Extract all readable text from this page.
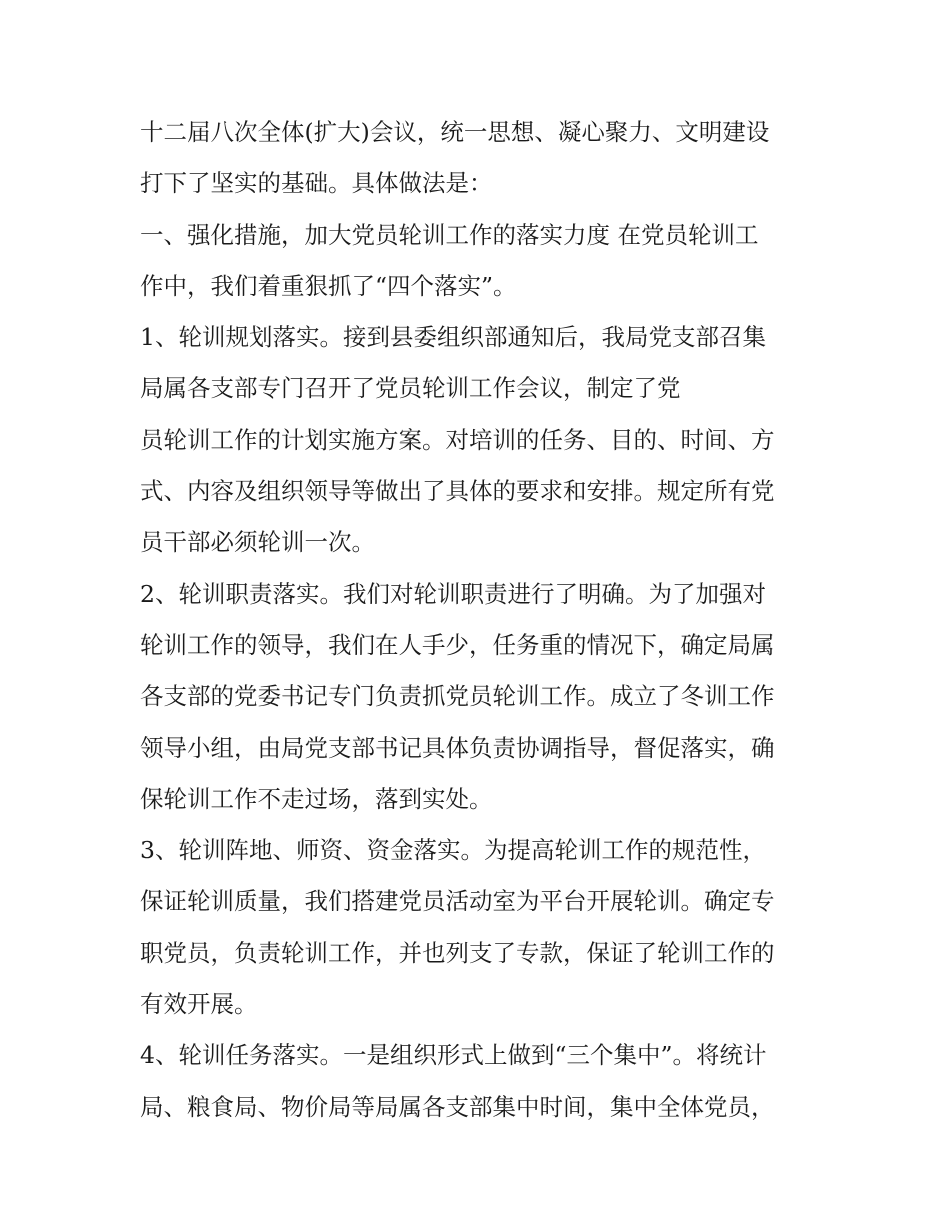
十二届八次全体(扩大)会议，统一思想、凝心聚力、文明建设
打下了坚实的基础。具体做法是：
一、强化措施，加大党员轮训工作的落实力度 在党员轮训工
作中，我们着重狠抓了“四个落实”。
1、轮训规划落实。接到县委组织部通知后，我局党支部召集
局属各支部专门召开了党员轮训工作会议，制定了党
员轮训工作的计划实施方案。对培训的任务、目的、时间、方
式、内容及组织领导等做出了具体的要求和安排。规定所有党
员干部必须轮训一次。
2、轮训职责落实。我们对轮训职责进行了明确。为了加强对
轮训工作的领导，我们在人手少，任务重的情况下，确定局属
各支部的党委书记专门负责抓党员轮训工作。成立了冬训工作
领导小组，由局党支部书记具体负责协调指导，督促落实，确
保轮训工作不走过场，落到实处。
3、轮训阵地、师资、资金落实。为提高轮训工作的规范性，
保证轮训质量，我们搭建党员活动室为平台开展轮训。确定专
职党员，负责轮训工作，并也列支了专款，保证了轮训工作的
有效开展。
4、轮训任务落实。一是组织形式上做到“三个集中”。将统计
局、粮食局、物价局等局属各支部集中时间，集中全体党员，
